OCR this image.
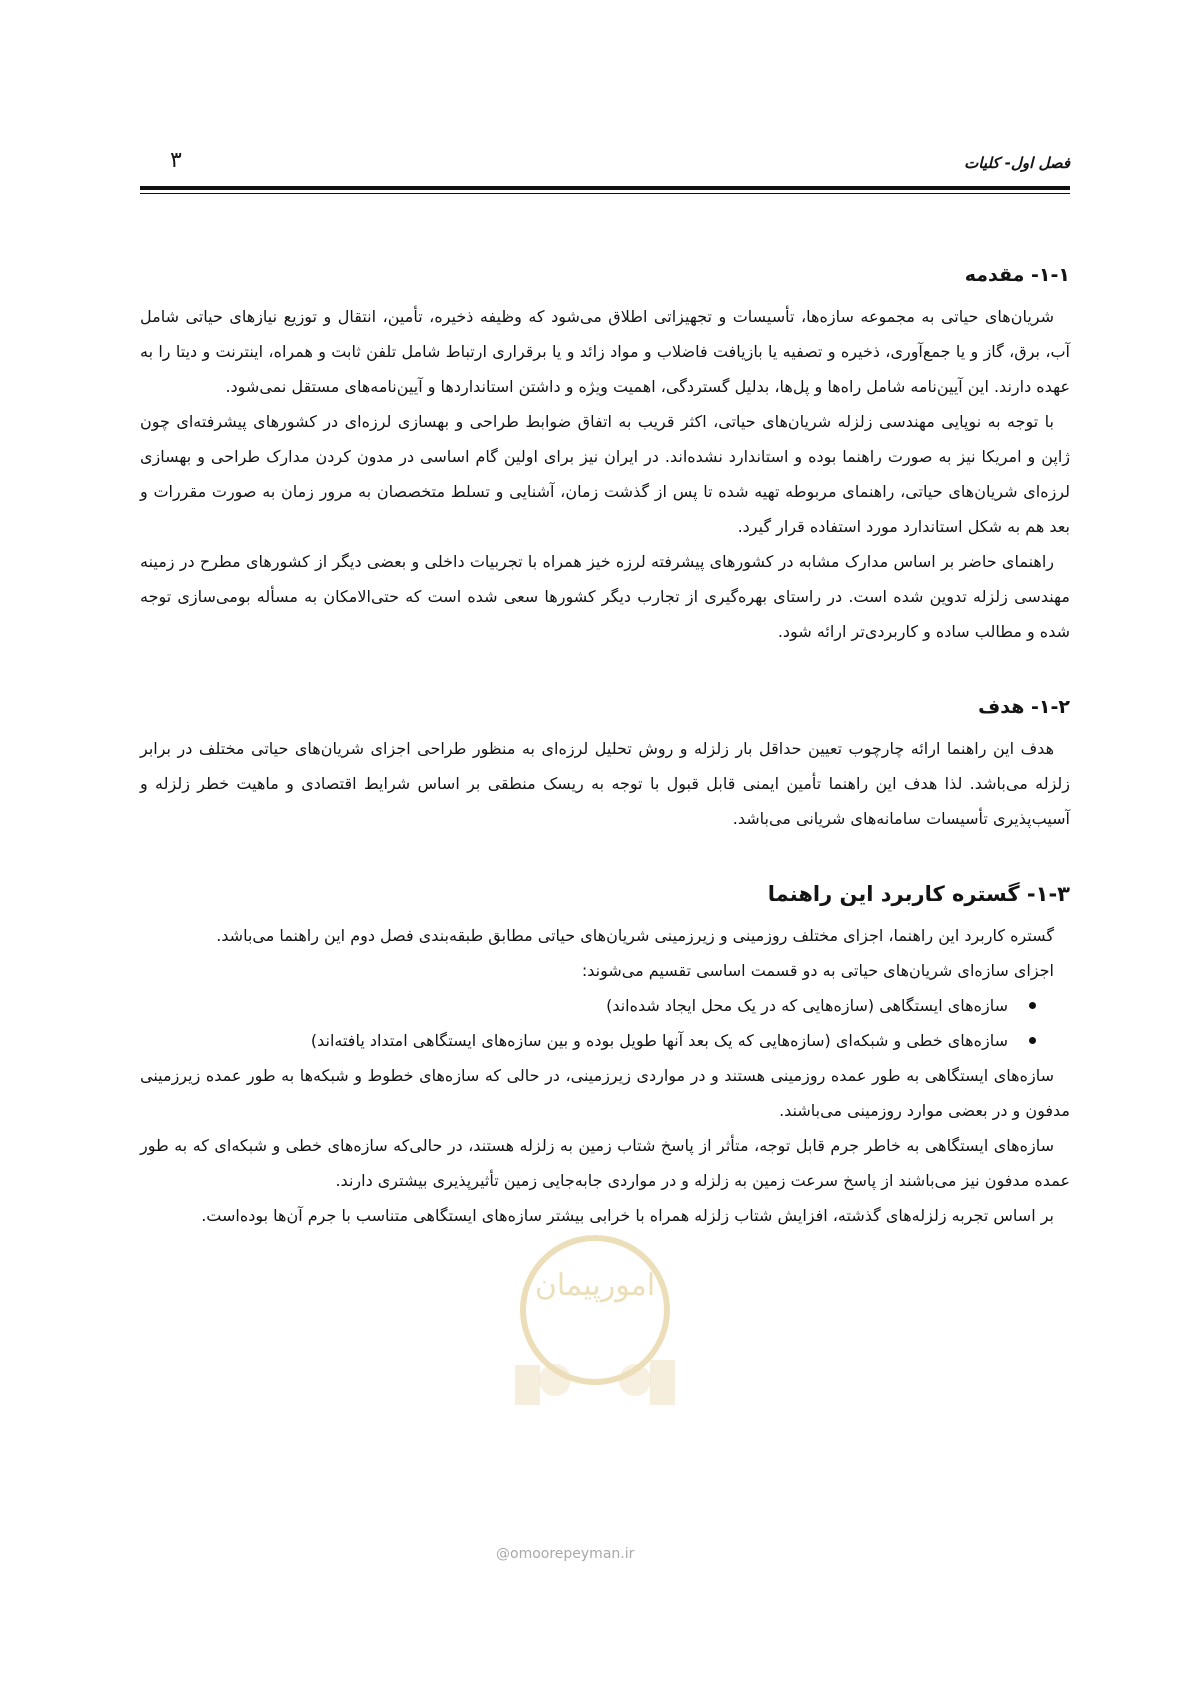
فصل اول- کلیات
۳
۱-۱- مقدمه

شریان‌های حیاتی به مجموعه سازه‌ها، تأسیسات و تجهیزاتی اطلاق می‌شود که وظیفه ذخیره، تأمین، انتقال و توزیع نیازهای حیاتی شامل آب، برق، گاز و یا جمع‌آوری، ذخیره و تصفیه یا بازیافت فاضلاب و مواد زائد و یا برقراری ارتباط شامل تلفن ثابت و همراه، اینترنت و دیتا را به عهده دارند. این آیین‌نامه شامل راه‌ها و پل‌ها، بدلیل گستردگی، اهمیت ویژه و داشتن استانداردها و آیین‌نامه‌های مستقل نمی‌شود.

با توجه به نوپایی مهندسی زلزله شریان‌های حیاتی، اکثر قریب به اتفاق ضوابط طراحی و بهسازی لرزه‌ای در کشورهای پیشرفته‌ای چون ژاپن و امریکا نیز به صورت راهنما بوده و استاندارد نشده‌اند. در ایران نیز برای اولین گام اساسی در مدون کردن مدارک طراحی و بهسازی لرزه‌ای شریان‌های حیاتی، راهنمای مربوطه تهیه شده تا پس از گذشت زمان، آشنایی و تسلط متخصصان به مرور زمان به صورت مقررات و بعد هم به شکل استاندارد مورد استفاده قرار گیرد.

راهنمای حاضر بر اساس مدارک مشابه در کشورهای پیشرفته لرزه خیز همراه با تجربیات داخلی و بعضی دیگر از کشورهای مطرح در زمینه مهندسی زلزله تدوین شده است. در راستای بهره‌گیری از تجارب دیگر کشورها سعی شده است که حتی‌الامکان به مسأله بومی‌سازی توجه شده و مطالب ساده و کاربردی‌تر ارائه شود.

۱-۲- هدف

هدف این راهنما ارائه چارچوب تعیین حداقل بار زلزله و روش تحلیل لرزه‌ای به منظور طراحی اجزای شریان‌های حیاتی مختلف در برابر زلزله می‌باشد. لذا هدف این راهنما تأمین ایمنی قابل قبول با توجه به ریسک منطقی بر اساس شرایط اقتصادی و ماهیت خطر زلزله و آسیب‌پذیری تأسیسات سامانه‌های شریانی می‌باشد.

۱-۳- گستره کاربرد این راهنما

گستره کاربرد این راهنما، اجزای مختلف روزمینی و زیرزمینی شریان‌های حیاتی مطابق طبقه‌بندی فصل دوم این راهنما می‌باشد.

اجزای سازه‌ای شریان‌های حیاتی به دو قسمت اساسی تقسیم می‌شوند:

سازه‌های ایستگاهی (سازه‌هایی که در یک محل ایجاد شده‌اند)
سازه‌های خطی و شبکه‌ای (سازه‌هایی که یک بعد آنها طویل بوده و بین سازه‌های ایستگاهی امتداد یافته‌اند)

سازه‌های ایستگاهی به طور عمده روزمینی هستند و در مواردی زیرزمینی، در حالی که سازه‌های خطوط و شبکه‌ها به طور عمده زیرزمینی مدفون و در بعضی موارد روزمینی می‌باشند.

سازه‌های ایستگاهی به خاطر جرم قابل توجه، متأثر از پاسخ شتاب زمین به زلزله هستند، در حالی‌که سازه‌های خطی و شبکه‌ای که به طور عمده مدفون نیز می‌باشند از پاسخ سرعت زمین به زلزله و در مواردی جابه‌جایی زمین تأثیرپذیری بیشتری دارند.

بر اساس تجربه زلزله‌های گذشته، افزایش شتاب زلزله همراه با خرابی بیشتر سازه‌های ایستگاهی متناسب با جرم آن‌ها بوده‌است.

امورپیمان
@omoorepeyman.ir
